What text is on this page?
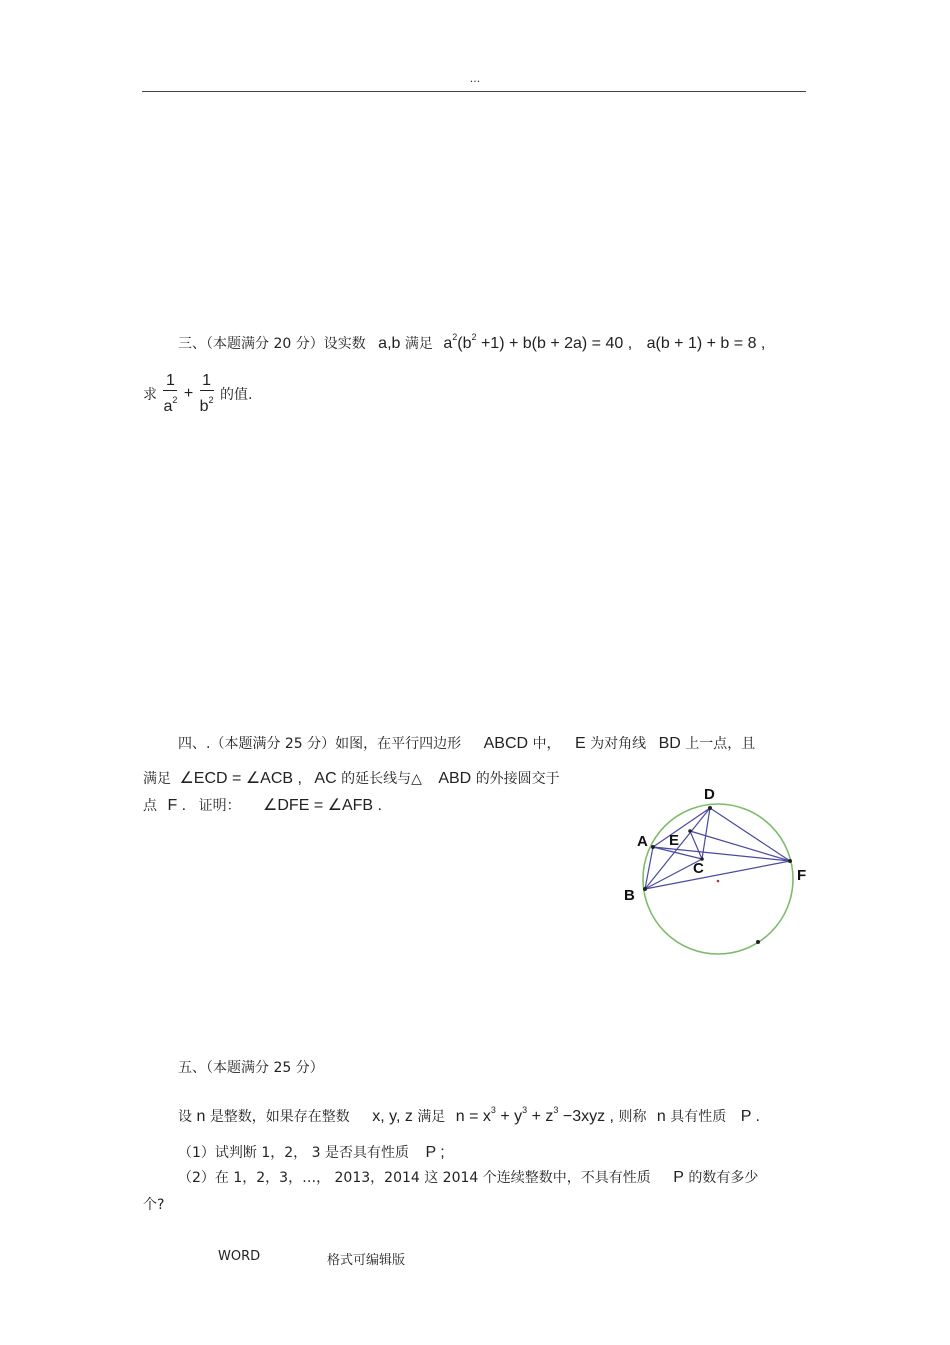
...
三、（本题满分 20 分）设实数 a,b 满足 $a^2(b^2 +1) + b(b + 2a) = 40$ , a(b + 1) + b = 8 ,
求 $\frac{1}{a^2} + \frac{1}{b^2}$ 的值.
四、.（本题满分 25 分）如图，在平行四边形 ABCD 中， E 为对角线 BD 上一点，且
满足 ∠ECD = ∠ACB , AC 的延长线与△ ABD 的外接圆交于
点 F . 证明： ∠DFE = ∠AFB .
D
A E
C
B
F
五、（本题满分 25 分）
设 n 是整数，如果存在整数 x, y, z 满足 $n = x^3 + y^3 + z^3 -3xyz$ , 则称 n 具有性质 P .
（1）试判断 1，2， 3 是否具有性质 P ;
（2）在 1，2，3，…， 2013，2014 这 2014 个连续整数中，不具有性质 P 的数有多少
个?
WORD	格式可编辑版
